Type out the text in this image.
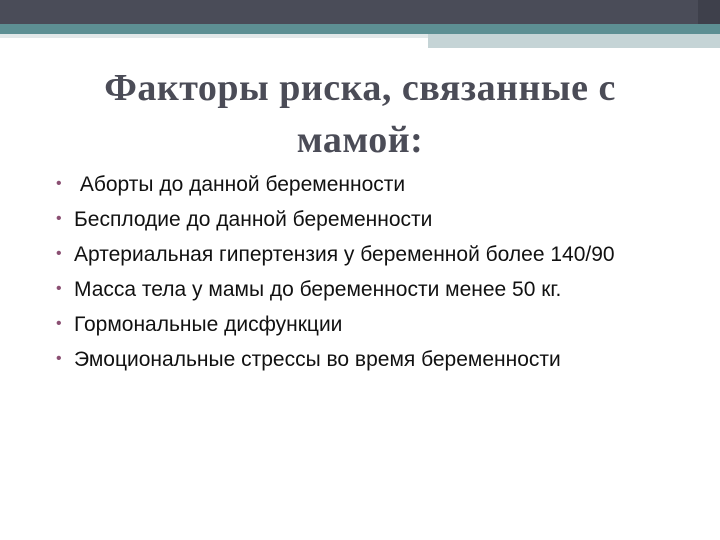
Факторы риска, связанные с мамой:
• Аборты до данной беременности
• Бесплодие до данной беременности
• Артериальная гипертензия у беременной более 140/90
• Масса тела у мамы до беременности менее 50 кг.
• Гормональные дисфункции
• Эмоциональные стрессы во время беременности
